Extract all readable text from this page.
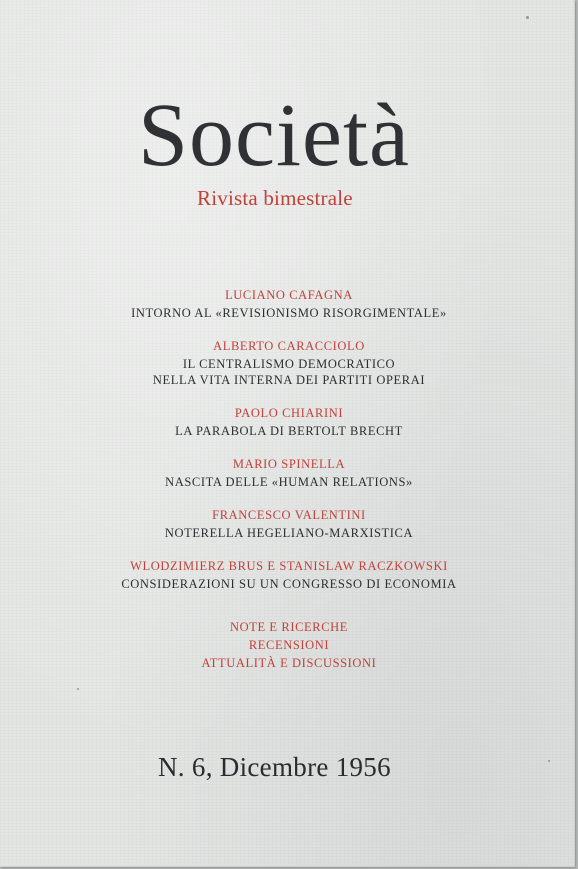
Società
Rivista bimestrale
LUCIANO CAFAGNA
INTORNO AL «REVISIONISMO RISORGIMENTALE»
ALBERTO CARACCIOLO
IL CENTRALISMO DEMOCRATICO
NELLA VITA INTERNA DEI PARTITI OPERAI
PAOLO CHIARINI
LA PARABOLA DI BERTOLT BRECHT
MARIO SPINELLA
NASCITA DELLE «HUMAN RELATIONS»
FRANCESCO VALENTINI
NOTERELLA HEGELIANO-MARXISTICA
WLODZIMIERZ BRUS E STANISLAW RACZKOWSKI
CONSIDERAZIONI SU UN CONGRESSO DI ECONOMIA
NOTE E RICERCHE
RECENSIONI
ATTUALITÀ E DISCUSSIONI
N. 6, Dicembre 1956
